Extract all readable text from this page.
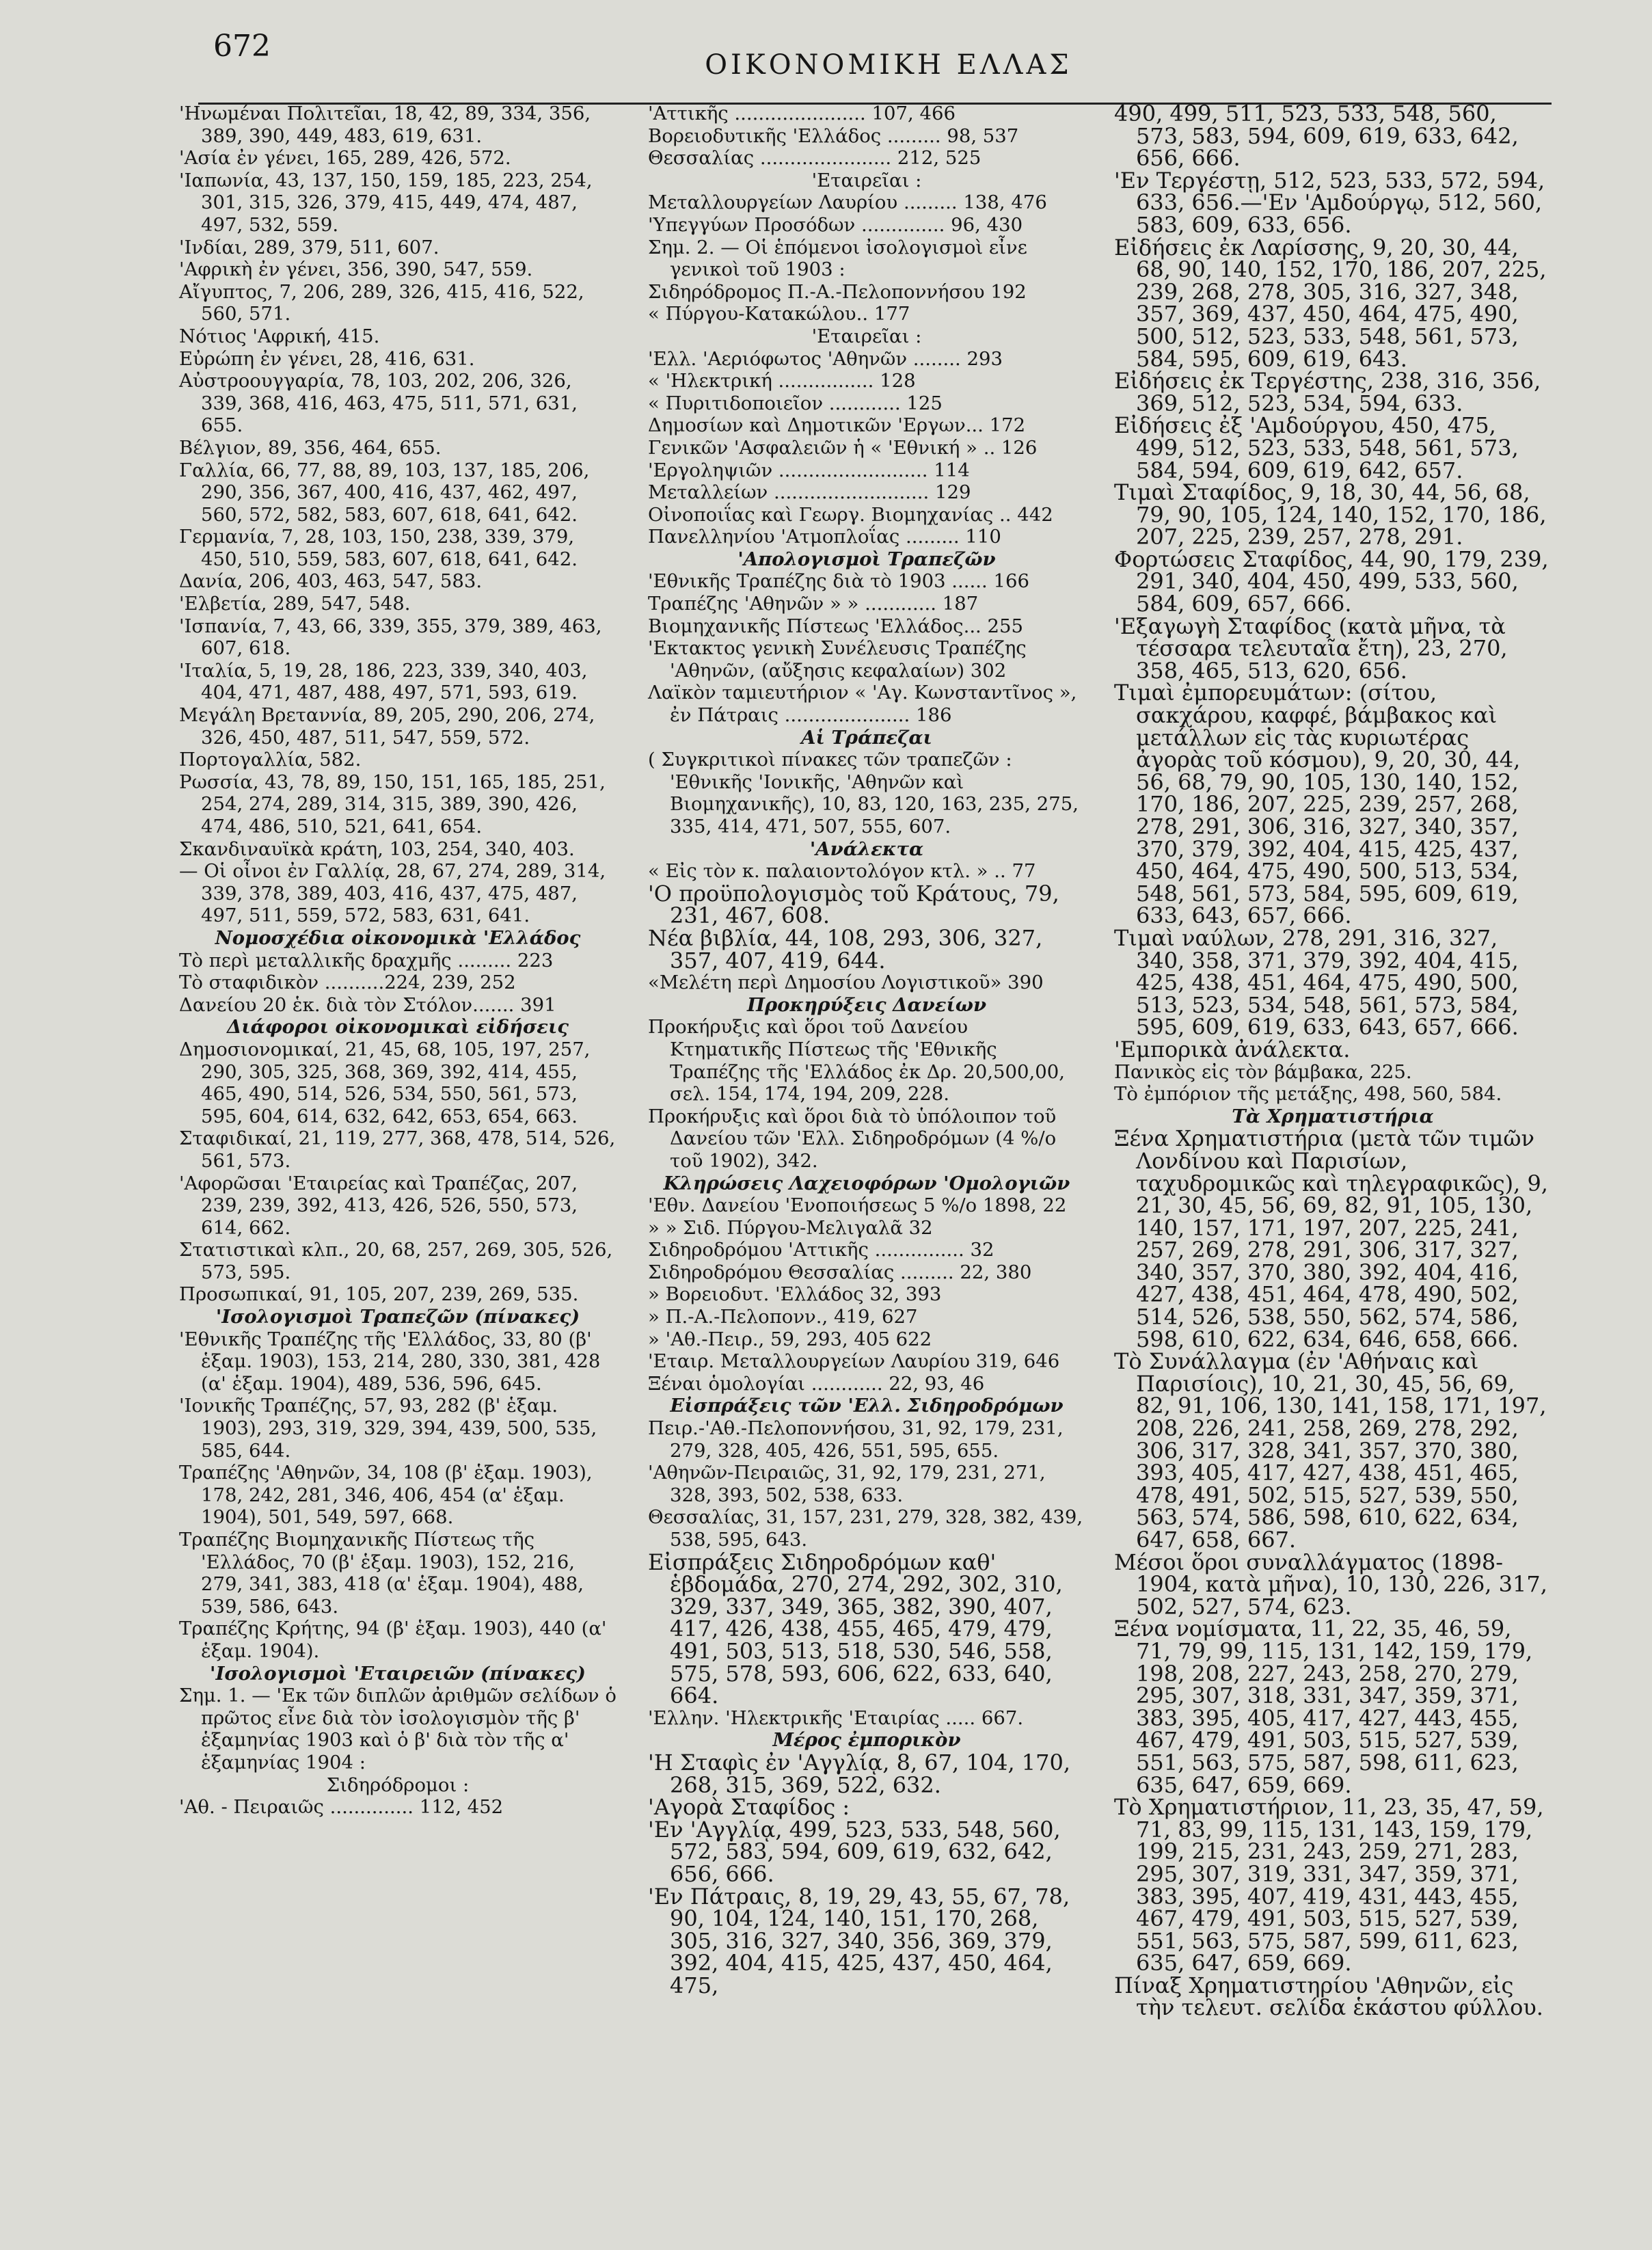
672
ΟΙΚΟΝΟΜΙΚΗ ΕΛΛΑΣ
'Ηνωμέναι Πολιτεῖαι, 18, 42, 89, 334, 356, 389, 390, 449, 483, 619, 631.
'Ασία ἐν γένει, 165, 289, 426, 572.
'Ιαπωνία, 43, 137, 150, 159, 185, 223, 254, 301, 315, 326, 379, 415, 449, 474, 487, 497, 532, 559.
'Ινδίαι, 289, 379, 511, 607.
'Αφρικὴ ἐν γένει, 356, 390, 547, 559.
Αἴγυπτος, 7, 206, 289, 326, 415, 416, 522, 560, 571.
Νότιος 'Αφρική, 415.
Εὐρώπη ἐν γένει, 28, 416, 631.
Αὐστροουγγαρία, 78, 103, 202, 206, 326, 339, 368, 416, 463, 475, 511, 571, 631, 655.
Βέλγιον, 89, 356, 464, 655.
Γαλλία, 66, 77, 88, 89, 103, 137, 185, 206, 290, 356, 367, 400, 416, 437, 462, 497, 560, 572, 582, 583, 607, 618, 641, 642.
Γερμανία, 7, 28, 103, 150, 238, 339, 379, 450, 510, 559, 583, 607, 618, 641, 642.
Δανία, 206, 403, 463, 547, 583.
'Ελβετία, 289, 547, 548.
'Ισπανία, 7, 43, 66, 339, 355, 379, 389, 463, 607, 618.
'Ιταλία, 5, 19, 28, 186, 223, 339, 340, 403, 404, 471, 487, 488, 497, 571, 593, 619.
Μεγάλη Βρεταννία, 89, 205, 290, 206, 274, 326, 450, 487, 511, 547, 559, 572.
Πορτογαλλία, 582.
Ρωσσία, 43, 78, 89, 150, 151, 165, 185, 251, 254, 274, 289, 314, 315, 389, 390, 426, 474, 486, 510, 521, 641, 654.
Σκανδιναυϊκὰ κράτη, 103, 254, 340, 403.
— Οἱ οἶνοι ἐν Γαλλίᾳ, 28, 67, 274, 289, 314, 339, 378, 389, 403, 416, 437, 475, 487, 497, 511, 559, 572, 583, 631, 641.
Νομοσχέδια οἰκονομικὰ 'Ελλάδος
Τὸ περὶ μεταλλικῆς δραχμῆς ......... 223
Τὸ σταφιδικὸν ..........224, 239, 252
Δανείου 20 ἑκ. διὰ τὸν Στόλον....... 391
Διάφοροι οἰκονομικαὶ εἰδήσεις
Δημοσιονομικαί, 21, 45, 68, 105, 197, 257, 290, 305, 325, 368, 369, 392, 414, 455, 465, 490, 514, 526, 534, 550, 561, 573, 595, 604, 614, 632, 642, 653, 654, 663.
Σταφιδικαί, 21, 119, 277, 368, 478, 514, 526, 561, 573.
'Αφορῶσαι 'Εταιρείας καὶ Τραπέζας, 207, 239, 239, 392, 413, 426, 526, 550, 573, 614, 662.
Στατιστικαὶ κλπ., 20, 68, 257, 269, 305, 526, 573, 595.
Προσωπικαί, 91, 105, 207, 239, 269, 535.
'Ισολογισμοὶ Τραπεζῶν (πίνακες)
'Εθνικῆς Τραπέζης τῆς 'Ελλάδος, 33, 80 (β' ἑξαμ. 1903), 153, 214, 280, 330, 381, 428 (α' ἑξαμ. 1904), 489, 536, 596, 645.
'Ιονικῆς Τραπέζης, 57, 93, 282 (β' ἑξαμ. 1903), 293, 319, 329, 394, 439, 500, 535, 585, 644.
Τραπέζης 'Αθηνῶν, 34, 108 (β' ἑξαμ. 1903), 178, 242, 281, 346, 406, 454 (α' ἑξαμ. 1904), 501, 549, 597, 668.
Τραπέζης Βιομηχανικῆς Πίστεως τῆς 'Ελλάδος, 70 (β' ἑξαμ. 1903), 152, 216, 279, 341, 383, 418 (α' ἑξαμ. 1904), 488, 539, 586, 643.
Τραπέζης Κρήτης, 94 (β' ἑξαμ. 1903), 440 (α' ἑξαμ. 1904).
'Ισολογισμοὶ 'Εταιρειῶν (πίνακες)
Σημ. 1. — 'Εκ τῶν διπλῶν ἀριθμῶν σελίδων ὁ πρῶτος εἶνε διὰ τὸν ἰσολογισμὸν τῆς β' ἑξαμηνίας 1903 καὶ ὁ β' διὰ τὸν τῆς α' ἑξαμηνίας 1904 :
Σιδηρόδρομοι :
'Αθ. - Πειραιῶς .............. 112, 452
'Αττικῆς ...................... 107, 466
Βορειοδυτικῆς 'Ελλάδος ......... 98, 537
Θεσσαλίας ...................... 212, 525
'Εταιρεῖαι :
Μεταλλουργείων Λαυρίου ......... 138, 476
'Υπεγγύων Προσόδων .............. 96, 430
Σημ. 2. — Οἱ ἑπόμενοι ἰσολογισμοὶ εἶνε γενικοὶ τοῦ 1903 :
Σιδηρόδρομος Π.-Α.-Πελοποννήσου 192
« Πύργου-Κατακώλου.. 177
'Εταιρεῖαι :
'Ελλ. 'Αεριόφωτος 'Αθηνῶν ........ 293
« 'Ηλεκτρική ................ 128
« Πυριτιδοποιεῖον ............ 125
Δημοσίων καὶ Δημοτικῶν 'Εργων... 172
Γενικῶν 'Ασφαλειῶν ἡ « 'Εθνική » .. 126
'Εργοληψιῶν ......................... 114
Μεταλλείων .......................... 129
Οἰνοποιΐας καὶ Γεωργ. Βιομηχανίας .. 442
Πανελληνίου 'Ατμοπλοΐας ......... 110
'Απολογισμοὶ Τραπεζῶν
'Εθνικῆς Τραπέζης διὰ τὸ 1903 ...... 166
Τραπέζης 'Αθηνῶν » » ............ 187
Βιομηχανικῆς Πίστεως 'Ελλάδος... 255
'Εκτακτος γενικὴ Συνέλευσις Τραπέζης 'Αθηνῶν, (αὔξησις κεφαλαίων) 302
Λαϊκὸν ταμιευτήριον « 'Αγ. Κωνσταντῖνος », ἐν Πάτραις ..................... 186
Αἱ Τράπεζαι
( Συγκριτικοὶ πίνακες τῶν τραπεζῶν : 'Εθνικῆς 'Ιονικῆς, 'Αθηνῶν καὶ Βιομηχανικῆς), 10, 83, 120, 163, 235, 275, 335, 414, 471, 507, 555, 607.
'Ανάλεκτα
« Εἰς τὸν κ. παλαιοντολόγον κτλ. » .. 77
'Ο προϋπολογισμὸς τοῦ Κράτους, 79, 231, 467, 608.
Νέα βιβλία, 44, 108, 293, 306, 327, 357, 407, 419, 644.
«Μελέτη περὶ Δημοσίου Λογιστικοῦ» 390
Προκηρύξεις Δανείων
Προκήρυξις καὶ ὅροι τοῦ Δανείου Κτηματικῆς Πίστεως τῆς 'Εθνικῆς Τραπέζης τῆς 'Ελλάδος ἐκ Δρ. 20,500,00, σελ. 154, 174, 194, 209, 228.
Προκήρυξις καὶ ὅροι διὰ τὸ ὑπόλοιπον τοῦ Δανείου τῶν 'Ελλ. Σιδηροδρόμων (4 %/ο τοῦ 1902), 342.
Κληρώσεις Λαχειοφόρων 'Ομολογιῶν
'Εθν. Δανείου 'Ενοποιήσεως 5 %/ο 1898, 22
» » Σιδ. Πύργου-Μελιγαλᾶ 32
Σιδηροδρόμου 'Αττικῆς ............... 32
Σιδηροδρόμου Θεσσαλίας ......... 22, 380
» Βορειοδυτ. 'Ελλάδος 32, 393
» Π.-Α.-Πελοπονν., 419, 627
» 'Αθ.-Πειρ., 59, 293, 405 622
'Εταιρ. Μεταλλουργείων Λαυρίου 319, 646
Ξέναι ὁμολογίαι ............ 22, 93, 46
Εἰσπράξεις τῶν 'Ελλ. Σιδηροδρόμων
Πειρ.-'Αθ.-Πελοποννήσου, 31, 92, 179, 231, 279, 328, 405, 426, 551, 595, 655.
'Αθηνῶν-Πειραιῶς, 31, 92, 179, 231, 271, 328, 393, 502, 538, 633.
Θεσσαλίας, 31, 157, 231, 279, 328, 382, 439, 538, 595, 643.
Εἰσπράξεις Σιδηροδρόμων καθ' ἑβδομάδα, 270, 274, 292, 302, 310, 329, 337, 349, 365, 382, 390, 407, 417, 426, 438, 455, 465, 479, 479, 491, 503, 513, 518, 530, 546, 558, 575, 578, 593, 606, 622, 633, 640, 664.
'Ελλην. 'Ηλεκτρικῆς 'Εταιρίας ..... 667.
Μέρος ἐμπορικὸν
'Η Σταφὶς ἐν 'Αγγλίᾳ, 8, 67, 104, 170, 268, 315, 369, 522, 632.
'Αγορὰ Σταφίδος :
'Εν 'Αγγλίᾳ, 499, 523, 533, 548, 560, 572, 583, 594, 609, 619, 632, 642, 656, 666.
'Εν Πάτραις, 8, 19, 29, 43, 55, 67, 78, 90, 104, 124, 140, 151, 170, 268, 305, 316, 327, 340, 356, 369, 379, 392, 404, 415, 425, 437, 450, 464, 475,
490, 499, 511, 523, 533, 548, 560, 573, 583, 594, 609, 619, 633, 642, 656, 666.
'Εν Τεργέστῃ, 512, 523, 533, 572, 594, 633, 656.—'Εν 'Αμδούργῳ, 512, 560, 583, 609, 633, 656.
Εἰδήσεις ἐκ Λαρίσσης, 9, 20, 30, 44, 68, 90, 140, 152, 170, 186, 207, 225, 239, 268, 278, 305, 316, 327, 348, 357, 369, 437, 450, 464, 475, 490, 500, 512, 523, 533, 548, 561, 573, 584, 595, 609, 619, 643.
Εἰδήσεις ἐκ Τεργέστης, 238, 316, 356, 369, 512, 523, 534, 594, 633.
Εἰδήσεις ἐξ 'Αμδούργου, 450, 475, 499, 512, 523, 533, 548, 561, 573, 584, 594, 609, 619, 642, 657.
Τιμαὶ Σταφίδος, 9, 18, 30, 44, 56, 68, 79, 90, 105, 124, 140, 152, 170, 186, 207, 225, 239, 257, 278, 291.
Φορτώσεις Σταφίδος, 44, 90, 179, 239, 291, 340, 404, 450, 499, 533, 560, 584, 609, 657, 666.
'Εξαγωγὴ Σταφίδος (κατὰ μῆνα, τὰ τέσσαρα τελευταῖα ἔτη), 23, 270, 358, 465, 513, 620, 656.
Τιμαὶ ἐμπορευμάτων: (σίτου, σακχάρου, καφφέ, βάμβακος καὶ μετάλλων εἰς τὰς κυριωτέρας ἀγορὰς τοῦ κόσμου), 9, 20, 30, 44, 56, 68, 79, 90, 105, 130, 140, 152, 170, 186, 207, 225, 239, 257, 268, 278, 291, 306, 316, 327, 340, 357, 370, 379, 392, 404, 415, 425, 437, 450, 464, 475, 490, 500, 513, 534, 548, 561, 573, 584, 595, 609, 619, 633, 643, 657, 666.
Τιμαὶ ναύλων, 278, 291, 316, 327, 340, 358, 371, 379, 392, 404, 415, 425, 438, 451, 464, 475, 490, 500, 513, 523, 534, 548, 561, 573, 584, 595, 609, 619, 633, 643, 657, 666.
'Εμπορικὰ ἀνάλεκτα.
Πανικὸς εἰς τὸν βάμβακα, 225.
Τὸ ἐμπόριον τῆς μετάξης, 498, 560, 584.
Τὰ Χρηματιστήρια
Ξένα Χρηματιστήρια (μετὰ τῶν τιμῶν Λονδίνου καὶ Παρισίων, ταχυδρομικῶς καὶ τηλεγραφικῶς), 9, 21, 30, 45, 56, 69, 82, 91, 105, 130, 140, 157, 171, 197, 207, 225, 241, 257, 269, 278, 291, 306, 317, 327, 340, 357, 370, 380, 392, 404, 416, 427, 438, 451, 464, 478, 490, 502, 514, 526, 538, 550, 562, 574, 586, 598, 610, 622, 634, 646, 658, 666.
Τὸ Συνάλλαγμα (ἐν 'Αθήναις καὶ Παρισίοις), 10, 21, 30, 45, 56, 69, 82, 91, 106, 130, 141, 158, 171, 197, 208, 226, 241, 258, 269, 278, 292, 306, 317, 328, 341, 357, 370, 380, 393, 405, 417, 427, 438, 451, 465, 478, 491, 502, 515, 527, 539, 550, 563, 574, 586, 598, 610, 622, 634, 647, 658, 667.
Μέσοι ὅροι συναλλάγματος (1898-1904, κατὰ μῆνα), 10, 130, 226, 317, 502, 527, 574, 623.
Ξένα νομίσματα, 11, 22, 35, 46, 59, 71, 79, 99, 115, 131, 142, 159, 179, 198, 208, 227, 243, 258, 270, 279, 295, 307, 318, 331, 347, 359, 371, 383, 395, 405, 417, 427, 443, 455, 467, 479, 491, 503, 515, 527, 539, 551, 563, 575, 587, 598, 611, 623, 635, 647, 659, 669.
Τὸ Χρηματιστήριον, 11, 23, 35, 47, 59, 71, 83, 99, 115, 131, 143, 159, 179, 199, 215, 231, 243, 259, 271, 283, 295, 307, 319, 331, 347, 359, 371, 383, 395, 407, 419, 431, 443, 455, 467, 479, 491, 503, 515, 527, 539, 551, 563, 575, 587, 599, 611, 623, 635, 647, 659, 669.
Πίναξ Χρηματιστηρίου 'Αθηνῶν, εἰς τὴν τελευτ. σελίδα ἑκάστου φύλλου.
